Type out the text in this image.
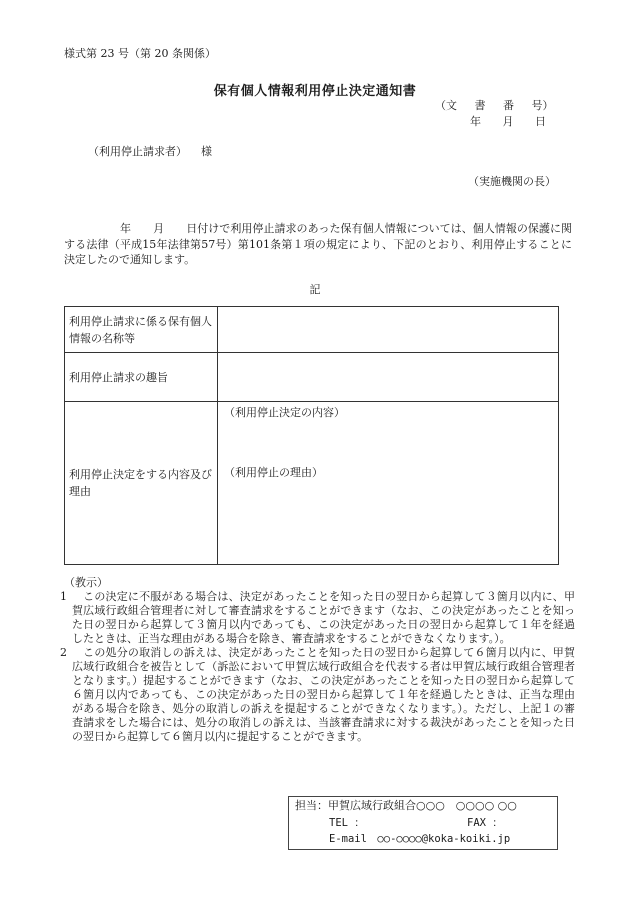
様式第 23 号（第 20 条関係）
保有個人情報利用停止決定通知書
（文 書 番 号）
年 月 日
（利用停止請求者） 様
（実施機関の長）
年　　月　　日付けで利用停止請求のあった保有個人情報については、個人情報の保護に関する法律（平成15年法律第57号）第101条第１項の規定により、下記のとおり、利用停止することに決定したので通知します。
記
利用停止請求に係る保有個人情報の名称等	
利用停止請求の趣旨	
利用停止決定をする内容及び理由	（利用停止決定の内容）
（利用停止の理由）
（教示）
1 　この決定に不服がある場合は、決定があったことを知った日の翌日から起算して３箇月以内に、甲賀広域行政組合管理者に対して審査請求をすることができます（なお、この決定があったことを知った日の翌日から起算して３箇月以内であっても、この決定があった日の翌日から起算して１年を経過したときは、正当な理由がある場合を除き、審査請求をすることができなくなります。）。
2 　この処分の取消しの訴えは、決定があったことを知った日の翌日から起算して６箇月以内に、甲賀広域行政組合を被告として（訴訟において甲賀広域行政組合を代表する者は甲賀広域行政組合管理者となります。）提起することができます（なお、この決定があったことを知った日の翌日から起算して６箇月以内であっても、この決定があった日の翌日から起算して１年を経過したときは、正当な理由がある場合を除き、処分の取消しの訴えを提起することができなくなります。）。ただし、上記１の審査請求をした場合には、処分の取消しの訴えは、当該審査請求に対する裁決があったことを知った日の翌日から起算して６箇月以内に提起することができます。
担当：甲賀広域行政組合○○○　○○○○ ○○
TEL ：	FAX ：
E-mail　○○-○○○○@koka-koiki.jp
